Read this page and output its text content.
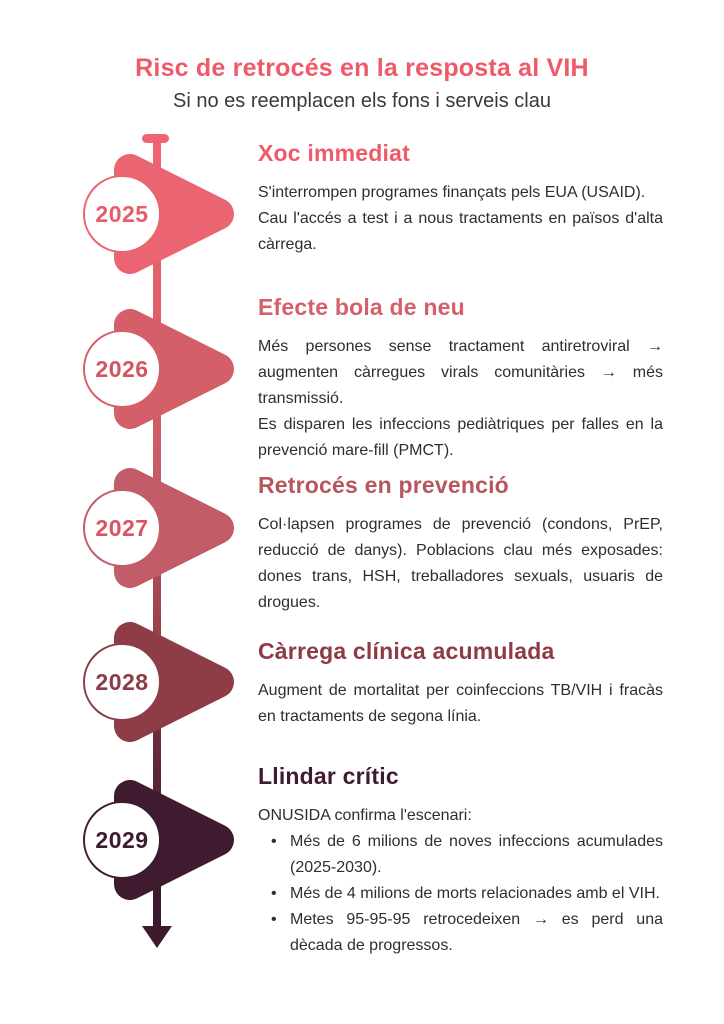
Risc de retrocés en la resposta al VIH
Si no es reemplacen els fons i serveis clau
2025
2026
2027
2028
2029
Xoc immediat

S'interrompen programes finançats pels EUA (USAID).

Cau l'accés a test i a nous tractaments en països d'alta càrrega.

Efecte bola de neu

Més persones sense tractament antiretroviral → augmenten càrregues virals comunitàries → més transmissió.

Es disparen les infeccions pediàtriques per falles en la prevenció mare-fill (PMCT).

Retrocés en prevenció

Col·lapsen programes de prevenció (condons, PrEP, reducció de danys). Poblacions clau més exposades: dones trans, HSH, treballadores sexuals, usuaris de drogues.

Càrrega clínica acumulada

Augment de mortalitat per coinfeccions TB/VIH i fracàs en tractaments de segona línia.

Llindar crític

ONUSIDA confirma l'escenari:

• Més de 6 milions de noves infeccions acumulades (2025-2030).
• Més de 4 milions de morts relacionades amb el VIH.
• Metes 95-95-95 retrocedeixen → es perd una dècada de progressos.
